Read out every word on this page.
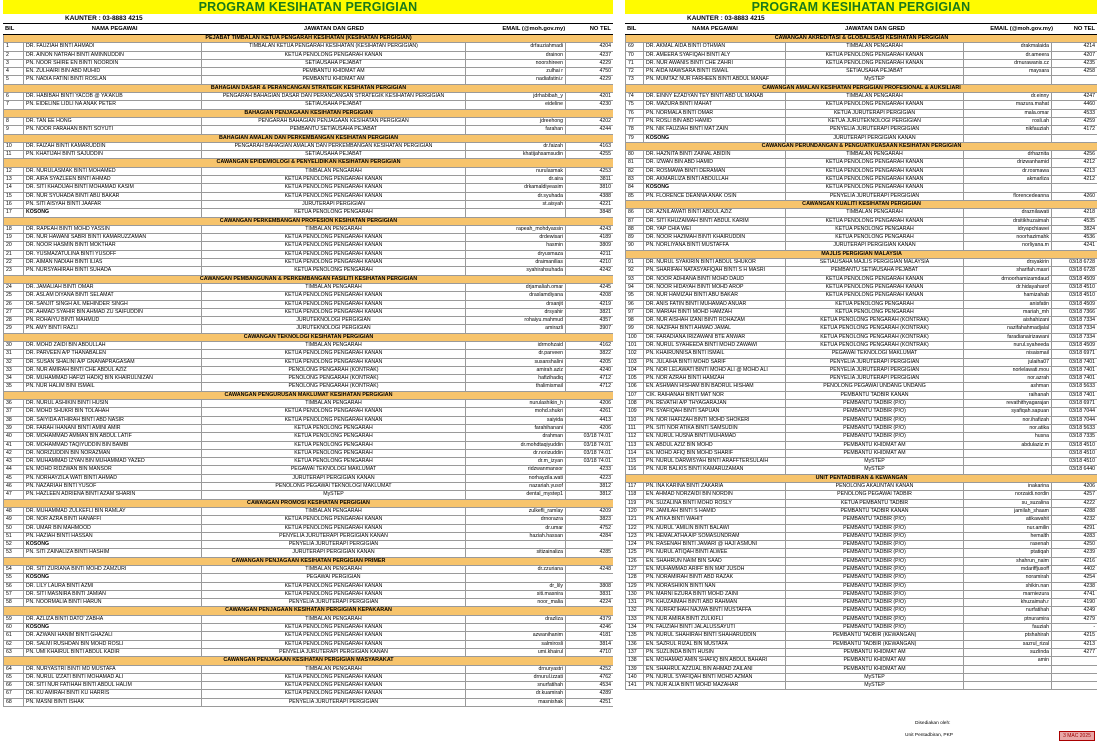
PROGRAM KESIHATAN PERGIGIAN
KAUNTER : 03-8883 4215
BIL	NAMA PEGAWAI	JAWATAN DAN GRED	EMAIL (@moh.gov.my)	NO TEL
PEJABAT TIMBALAN KETUA PENGARAH KESIHATAN (KESIHATAN PERGIGIAN)				
1	DR. FAUZIAH BINTI AHMADI	TIMBALAN KETUA PENGARAH KESIHATAN (KESIHATAN PERGIGIAN)	drfauziahmadi	4204
2	DR. AINON NATRAH BINTI AMINNUDDIN	KETUA PENOLONG PENGARAH KANAN	drainon	4237
3	PN. NOOR SHIRE EN BINTI NOORDIN	SETIAUSAHA PEJABAT	noorshireen	4229
4	EN. ZULHAIRI BIN ABD MUHID	PEMBANTU KHIDMAT AM	zulhai r	4750
5	PN. NADIA FATINI BINTI ROSLAN	PEMBANTU KHIDMAT AM	nadiafatini.r	4229
BAHAGIAN DASAR & PERANCANGAN STRATEGIK KESIHATAN PERGIGIAN				
6	DR. HABIBAH BINTI YACOB @ YA'AKUB	PENGARAH BAHAGIAN DASAR DAN PERANCANGAN STRATEGIK KESIHATAN PERGIGIAN	jdrhabibah_y	4201
7	PN. EIDELINE LIDLI NA ANAK PETER	SETIAUSAHA PEJABAT	eideline	4230
BAHAGIAN PENJAGAAN KESIHATAN PERGIGIAN				
8	DR. TAN EE HONG	PENGARAH BAHAGIAN PENJAGAAN KESIHATAN PERGIGIAN	jdreehong	4202
9	PN. NOOR FARAHAN BINTI SOYUTI	PEMBANTU SETIAUSAHA PEJABAT	farahan	4244
BAHAGIAN AMALAN DAN PERKEMBANGAN KESIHATAN PERGIGIAN				
10	DR. FAIZAH BINTI KAMARUDDIN	PENGARAH BAHAGIAN AMALAN DAN PERKEMBANGAN KESIHATAN PERGIGIAN	dr.faizah	4163
11	PN. KHATIJAH BINTI SAJUDDIN	SETIAUSAHA PEJABAT	khatijahsamsudin	4255
CAWANGAN EPIDEMIOLOGI & PENYELIDIKAN KESIHATAN PERGIGIAN				
12	DR. NURULASMAK BINTI MOHAMED	TIMBALAN PENGARAH	nurulasmak	4253
13	DR. AIRA SYAZLEEN BINTI AHMAD	KETUA PENOLONG PENGARAH KANAN	dr.aira	3811
14	DR. SITI KHADIJAH BINTI MOHAMAD KASIM	KETUA PENOLONG PENGARAH KANAN	drkamaldiyeasim	3810
15	DR. NUR SYUHADA BINTI ABU BAKAR	KETUA PENOLONG PENGARAH KANAN	dr.syuhada	4388
16	PN. SITI AISYAH BINTI JAAFAR	JURUTERAPI PERGIGIAN	st.aisyah	4221
17	KOSONG	KETUA PENOLONG PENGARAH		3848
CAWANGAN PERKEMBANGAN PROFESION KESIHATAN PERGIGIAN				
18	DR. RAPEAH BINTI MOHD YASSIN	TIMBALAN PENGARAH	rapeah_mohdyassin	4243
19	DR. NUR HAWANI SABRI BINTI KAMARUZZAMAN	KETUA PENOLONG PENGARAH KANAN	drdewisari	4189
20	DR. NOOR HASMIN BINTI MOKTHAR	KETUA PENOLONG PENGARAH KANAN	hasmin	3809
21	DR. YUSMAZATULINA BINTI YUSOFF	KETUA PENOLONG PENGARAH KANAN	dryusmaza	4211
22	DR. AIMAN NADIAH BINTI ILIAS	KETUA PENOLONG PENGARAH KANAN	draimanilias	4210
23	PN. NURSYAHIRAH BINTI SUHADA	KETUA PENOLONG PENGARAH	syahirahsuhada	4242
CAWANGAN PEMBANGUNAN & PERKEMBANGAN FASILITI KESIHATAN PERGIGIAN				
24	DR. JAMALIAH BINTI OMAR	TIMBALAN PENGARAH	drjamaliah.omar	4245
25	DR. ASLAM DIYANA BINTI SELAMAT	KETUA PENOLONG PENGARAH KANAN	draslamdiyana	4208
26	DR. SANJIT SINGH A/L MEHINDER SINGH	KETUA PENOLONG PENGARAH KANAN	drsanjit	4219
27	DR. AHMAD SYAHIR BIN AHMAD ZU SAIFUDDIN	KETUA PENOLONG PENGARAH KANAN	drsyahir	3821
28	PN. ROHAIYU BINTI MAHMUD	JURUTEKNOLOGI PERGIGIAN	rohaiyu.mahmud	4357
29	PN. AMY BINTI RAZLI	JURUTEKNOLOGI PERGIGIAN	amirazli	3907
CAWANGAN TEKNOLOGI KESIHATAN PERGIGIAN				
30	DR. MOHD ZAIDI BIN ABDULLAH	TIMBALAN PENGARAH	idrmohzaid	4162
31	DR. PARVEEN A/P THANABALEN	KETUA PENOLONG PENGARAH KANAN	dr.parveen	3822
32	DR. SUSAN SHALINI A/P GNANAPRAGASAM	KETUA PENOLONG PENGARAH KANAN	susanshalini	4205
33	DR. NUR AMIRAH BINTI CHE ABDUL AZIZ	PENOLONG PENGARAH (KONTRAK)	amirah.aziz	4240
34	DR. MUHAMMAD HAFIZI HADIQ BIN KHAIRULNIZAN	PENOLONG PENGARAH (KONTRAK)	hafizihadiq	4712
35	PN. NUR HALIM BINI ISMAIL	PENOLONG PENGARAH (KONTRAK)	thalimismail	4712
CAWANGAN PENGURUSAN MAKLUMAT KESIHATAN PERGIGIAN				
36	DR. NURUL ASHIKIN BINTI HUSIN	TIMBALAN PENGARAH	nurulashikin_h	4206
37	DR. MOHD SHUKRI BIN TOLAHAH	KETUA PENOLONG PENGARAH KANAN	mohd.shukri	4261
38	DR. SAIYIDA ATHIRAH BINTI ABD NASIR	KETUA PENOLONG PENGARAH KANAN	saiyida	4413
39	DR. FARAH IHANANI BINTI AMINI AMIR	KETUA PENOLONG PENGARAH	farahihanani	4206
40	DR. MOHAMMAD AMMAN BIN ABDUL LATIF	KETUA PENOLONG PENGARAH	drahman	03/18 74.01
41	DR. MOHAMMAD TAQIYUDDIN BIN BAMBI	KETUA PENOLONG PENGARAH	dr.mohdtaqiyuddin	03/18 74.01
42	DR. NORIZUDDIN BIN NORAZMAN	KETUA PENOLONG PENGARAH	dr.norizuddin	03/18 74.01
43	DR. MUHAMMAD IZYAN BIN MUHAMMAD YAZED	KETUA PENOLONG PENGARAH	dr.m_izyan	03/18 74.01
44	EN. MOHD RIDZWAN BIN MANSOR	PEGAWAI TEKNOLOGI MAKLUMAT	ridzwanmansor	4233
45	PN. NORHAYZILA WATI BINTI AHMAD	JURUTERAPI PERGIGIAN KANAN	norhayzila.wati	4223
46	PN. NAZARIAH BINTI YUSOF	PENOLONG PEGAWAI TEKNOLOGI MAKLUMAT	nazariah.yusof	3812
47	PN. HAZLEEN ADRIENA BINTI AZAM SHARIN	MySTEP	dental_mystep1	3812
CAWANGAN PROMOSI KESIHATAN PERGIGIAN				
48	DR. MUHAMMAD ZULKEFLI BIN RAMLAY	TIMBALAN PENGARAH	zulkefli_ramlay	4209
49	DR. NOR AZRA BINTI HANAFFI	KETUA PENOLONG PENGARAH KANAN	drnorazra	3823
50	DR. UMAR BIN MAHMOOD	KETUA PENOLONG PENGARAH KANAN	dr.umar	4752
51	PN. HAZIAH BINTI HASSAN	PENYELIA JURUTERAPI PERGIGIAN KANAN	haziah.hassan	4284
52	KOSONG	PENYELIA JURUTERAPI PERGIGIAN		
53	PN. SITI ZAINALIZA BINTI HASHIM	JURUTERAPI PERGIGIAN KANAN	sitizainaliza	4285
CAWANGAN PENJAGAAN KESIHATAN PERGIGIAN PRIMER				
54	DR. SITI ZURIANA BINTI MOHD ZAMZURI	TIMBALAN PENGARAH	dr.zzuriana	4248
55	KOSONG	PEGAWAI PERGIGIAN		
56	DR. LILY LAURA BINTI AZMI	KETUA PENOLONG PENGARAH KANAN	dr_lily	3808
57	DR. SITI MASNIRA BINTI JAMIAN	KETUA PENOLONG PENGARAH KANAN	siti.masnira	3831
58	PN. NOORMALIA BINTI HARUN	PENYELIA JURUTERAPI PERGIGIAN	noor_malia	4224
CAWANGAN PENJAGAAN KESIHATAN PERGIGIAN KEPAKARAN				
59	DR. AZLIZA BINTI DATO' ZABHA	TIMBALAN PENGARAH	drazliza	4379
60	KOSONG	KETUA PENOLONG PENGARAH KANAN		4246
61	DR. AZWANI HANIM BINTI GHAZALI	KETUA PENOLONG PENGARAH KANAN	azwanihanim	4181
62	DR. SALMI RUSHDAN BIN MOHD ROSLI	KETUA PENOLONG PENGARAH KANAN	salmirosli	3814
63	PN. UMI KHAIRUL BINTI ABDUL KADIR	PENYELIA JURUTERAPI PERGIGIAN KANAN	umi.khairul	4710
CAWANGAN PENJAGAAN KESIHATAN PERGIGIAN MASYARAKAT				
64	DR. NURYASTRI BINTI MD MUSTAFA	TIMBALAN PENGARAH	drnuryastri	4252
65	DR. NURUL IZZATI BINTI MOHAMAD ALI	KETUA PENOLONG PENGARAH KANAN	drnurul.izzati	4762
66	DR. SITI NUR FATIHAH BINTI ABDUL HALIM	KETUA PENOLONG PENGARAH KANAN	snurfatihah	4534
67	DR. KU AMIRAH BINTI KU HARRIS	KETUA PENOLONG PENGARAH KANAN	dr.kuamirah	4289
68	PN. MASNI BINTI ISHAK	PENYELIA JURUTERAPI PERGIGIAN	masnishak	4251
PROGRAM KESIHATAN PERGIGIAN
KAUNTER : 03-8883 4215
BIL	NAMA PEGAWAI	JAWATAN DAN GRED	EMAIL (@moh.gov.my)	NO TEL
CAWANGAN AKREDITASI & GLOBALISASI KESIHATAN PERGIGIAN				
69	DR. AKMAL AIDA BINTI OTHMAN	TIMBALAN PENGARAH	drakmalaida	4214
70	DR. AMEERA SYAFIQAH BINTI ALY	KETUA PENOLONG PENGARAH KANAN	dr.ameera	4207
71	DR. NUR AWANIS BINTI CHE ZAHRI	KETUA PENOLONG PENGARAH KANAN	drnurawanis.cz	4235
72	PN. AIDA MAWSARA BINTI ISMAIL	SETIAUSAHA PEJABAT	maysara	4258
73	PN. MUMTAZ NUR FARHEEN BINTI ABDUL MANAF	MySTEP		
CAWANGAN AMALAN KESIHATAN PERGIGIAN PROFESIONAL & AUKSILIARI				
74	DR. EINNY EZADYAN TEY BINTI ABD UL MANAB	TIMBALAN PENGARAH	dr.einny	4247
75	DR. MAZURA BINTI MAHAT	KETUA PENOLONG PENGARAH KANAN	mazura.mahat	4460
76	PN. NORMALA BINTI OMAR	KETUA JURUTERAPI PERGIGIAN	mala.omar	4533
77	PN. ROSLI BIN ABD HAMID	KETUA JURUTEKNOLOGI PERGIGIAN	rosli.ah	4259
78	PN. NIK FAUZIAH BINTI MAT ZAIN	PENYELIA JURUTERAPI PERGIGIAN	nikfauziah	4172
79	KOSONG	JURUTERAPI PERGIGIAN KANAN		
CAWANGAN PERUNDANGAN & PENGUATKUASAAN KESIHATAN PERGIGIAN				
80	DR. HAZNITA BINTI ZAINAL ABIDIN	TIMBALAN PENGARAH	drhaznita	4256
81	DR. IZWAN BIN ABD HAMID	KETUA PENOLONG PENGARAH KANAN	drizwanhamid	4212
82	DR. ROSMAWA BINTI DERAMAN	KETUA PENOLONG PENGARAH KANAN	dr.rosmawa	4213
83	DR. AKMARLIZA BINTI ABDULLAH	KETUA PENOLONG PENGARAH KANAN	akmarliza	4212
84	KOSONG	KETUA PENOLONG PENGARAH KANAN		
85	PN. FLORENCE DEANNA ANAK OSIN	PENYELIA JURUTERAPI PERGIGIAN	florencedeanna	4260
CAWANGAN KUALITI KESIHATAN PERGIGIAN				
86	DR. AZNILAWATI BINTI ABDUL AZIZ	TIMBALAN PENGARAH	draznilawati	4218
87	DR. SITI KHUZAIMAH BINTI ABDUL KARIM	KETUA PENOLONG PENGARAH KANAN	drsitikhuzaimah	4535
88	DR. YAP CHIA WEI	KETUA PENOLONG PENGARAH	idryapchiawei	3824
89	DR. NOOR HAZIMAH BINTI KHAIRUDDIN	KETUA PENOLONG PENGARAH	noorhazimahk	4536
90	PN. NORLIYANA BINTI MUSTAFFA	JURUTERAPI PERGIGIAN KANAN	norliyana.m	4241
MAJLIS PERGIGIAN MALAYSIA				
91	DR. NURUL SYAKIRIN BINTI ABDUL SHUKOR	SETIAUSAHA MAJLIS PERGIGIAN MALAYSIA	drsyakirin	03/18 6728
92	PN. SHARIFAH NATASYAFIQAH BINTI S H MASRI	PEMBANTU SETIAUSAHA PEJABAT	sharifah.masri	03/18 6728
93	DR. NOOR ADHIANA BINTI MOHD DAUD	KETUA PENOLONG PENGARAH KANAN	drnoorhamizamdaud	03/18 4509
94	DR. NOOR HIDAYAH BINTI MOHD AROP	KETUA PENOLONG PENGARAH KANAN	dr.hidayaharof	03/18 4510
95	DR. NUR HAMIZAH BINTI ABU BAKAR	KETUA PENOLONG PENGARAH KANAN	hamizahab	03/18 4510
96	DR. ANIS FATIN BINTI MUHAMAD ANUAR	KETUA PENOLONG PENGARAH	anisfatin	03/18 4509
97	DR. MARIAH BINTI MOHD HAMZAH	KETUA PENOLONG PENGARAH	mariah_mh	03/18 7366
98	DR. NUR AISHAH IZANI BINTI ROHAZAM	KETUA PENOLONG PENGARAH (KONTRAK)	aishahizani	03/18 7334
99	DR. NAZIFAH BINTI AHMAD JAMAL	KETUA PENOLONG PENGARAH (KONTRAK)	nazifahahmadjalal	03/18 7334
100	DR. FARADIANA IRIZAWANI BTE ANWAR	KETUA PENOLONG PENGARAH (KONTRAK)	faradianairizawani	03/18 7334
101	DR. NURUL SYAHEEDA BINTI MOHD ZAWAWI	KETUA PENOLONG PENGARAH (KONTRAK)	nurul.syaheeda	03/18 4509
102	PN. KHAIRUNNISA BINTI ISMAIL	PEGAWAI TEKNOLOGI MAKLUMAT	nisaismail	03/18 6971
103	PN. JULAIHA BINTI MOHD SARIF	PENYELIA JURUTERAPI PERGIGIAN	julaiha07	03/18 7401
104	PN. NOR LELAWATI BINTI MOHD ALI @ MOHD ALI	PENYELIA JURUTERAPI PERGIGIAN	norlelawati.mou	03/18 7401
105	PN. NOR AZRAH BINTI HAMZAH	PENYELIA JURUTERAPI PERGIGIAN	nor.azrah	03/18 7401
106	EN. ASHMAN HISHAM BIN BADRUL HISHAM	PENOLONG PEGAWAI UNDANG UNDANG	ashman	03/18 5633
107	CIK. RAIHANAH BINTI MAT NOR	PEMBANTU TADBIR KANAN	raihanah	03/18 7401
108	PN. REVATHI A/P THYAGARAJAN	PEMBANTU TADBIR (P/O)	revathithyagarajan	03/18 6971
109	PN. SYAFIQAH BINTI SAPUAN	PEMBANTU TADBIR (P/O)	syafiqah.sapuan	03/18 7044
110	PN. NOR IHAFIZAH BINTI MOHD SHOKERI	PEMBANTU TADBIR (P/O)	nor.ihafizah	03/18 7044
111	PN. SITI NOR ATIKA BINTI SAMSUDIN	PEMBANTU TADBIR (P/O)	nor.atika	03/18 5633
112	EN. NURUL HUSNA BINTI MUHAMAD	PEMBANTU TADBIR (P/O)	husna	03/18 7335
113	EN. ABDUL AZIZ BIN MOHD	PEMBANTU KHIDMAT AM	abdulaziz.m	03/18 4510
114	EN. MOHD AFIQ BIN MOHD SHARIF	PEMBANTU KHIDMAT AM		03/18 4510
115	PN. NURUL DARWISYAH BINTI ARAFFTERSULAIH	MySTEP		03/18 4510
116	PN. NUR BALKIS BINTI KAMARUZAMAN	MySTEP		03/18 6440
UNIT PENTADBIRAN & KEWANGAN				
117	PN. INA KARINA BINTI ZAKARIA	PENOLONG AKAUNTAN KANAN	inakarina	4206
118	EN. AHMAD NORZAIDI BIN NORDIN	PENOLONG PEGAWAI TADBIR	norzaidi.nordin	4257
119	PN. SUZALINA BINTI MOHD ROSLY	KETUA PEMBANTU TADBIR	su_suzalina	4222
120	PN. JAMILAH BINTI S HAMID	PEMBANTU TADBIR KANAN	jamilah_shaam	4288
121	PN. ATIKA BINTI WAHIT	PEMBANTU TADBIR (P/O)	atikawahit	4232
122	PN. NURUL 'AMILIN BINTI BALAWI	PEMBANTU TADBIR (P/O)	nur.amilin	4291
123	PN. HEMALATHA A/P SOMASUNDRAM	PEMBANTU TADBIR (P/O)	hemalth	4283
124	PN. RASENAH BINTI JAMARI @ HAJI ASMUNI	PEMBANTU TADBIR (P/O)	rasenah	4250
125	PN. NURUL ATIQAH BINTI ALWEE	PEMBANTU TADBIR (P/O)	ptatiqah	4239
126	EN. SHAHRUN NAIM BIN SAAD	PEMBANTU TADBIR (P/O)	shahrun_naim	4216
127	EN. MUHAMMAD ARIFF BIN MAT JUSOH	PEMBANTU TADBIR (P/O)	mdariffjusoff	4402
128	PN. NORAMIRAH BINTI ABD RAZAK	PEMBANTU TADBIR (P/O)	noramirah	4254
129	PN. NORASHIKIN BINTI NAN	PEMBANTU TADBIR (P/O)	shikin.nan	4238
130	PN. MARNI EZURA BINTI MOHD ZAINI	PEMBANTU TADBIR (P/O)	marniezura	4741
131	PN. KHUZAIMAH BINTI ABD RAHMAN	PEMBANTU TADBIR (P/O)	khuzaimah.r	4190
132	PN. NURFATIHAH NAJWA BINTI MUSTAFFA	PEMBANTU TADBIR (P/O)	nurfatihah	4249
133	PN. NUR AMIRA BINTI ZULKIFLI	PEMBANTU TADBIR (P/O)	ptnuramira	4279
134	PN. FAUZIAH BINTI JALALUSSAYUTI	PEMBANTU TADBIR (P/O)	fauziah	-
135	PN. NURUL SHAHIRAH BINTI SHAHARUDDIN	PEMBANTU TADBIR (KEWANGAN)	ptshahirah	4215
136	EN. SAZRUL RIZAL BIN MUSTAFA	PEMBANTU TADBIR (KEWANGAN)	sazrul_rizal	4213
137	PN. SUZLINDA BINTI HUSIN	PEMBANTU KHIDMAT AM	suzlinda	4277
138	EN. MOHAMAD AMIN SHAFIQ BIN ABDUL BAHARI	PEMBANTU KHIDMAT AM	amin	
139	EN. SHAHRUL AZZUAL BIN AHMAD ZAILANI	PEMBANTU KHIDMAT AM		
140	PN. NURUL SYAFIQAH BINTI MOHD AZMAN	MySTEP		
141	PN. NUR ALIA BINTI MOHD MAZAHAR	MySTEP		
Disediakan oleh:
Unit Pentadbiran, PKP	3 MAC 2025
